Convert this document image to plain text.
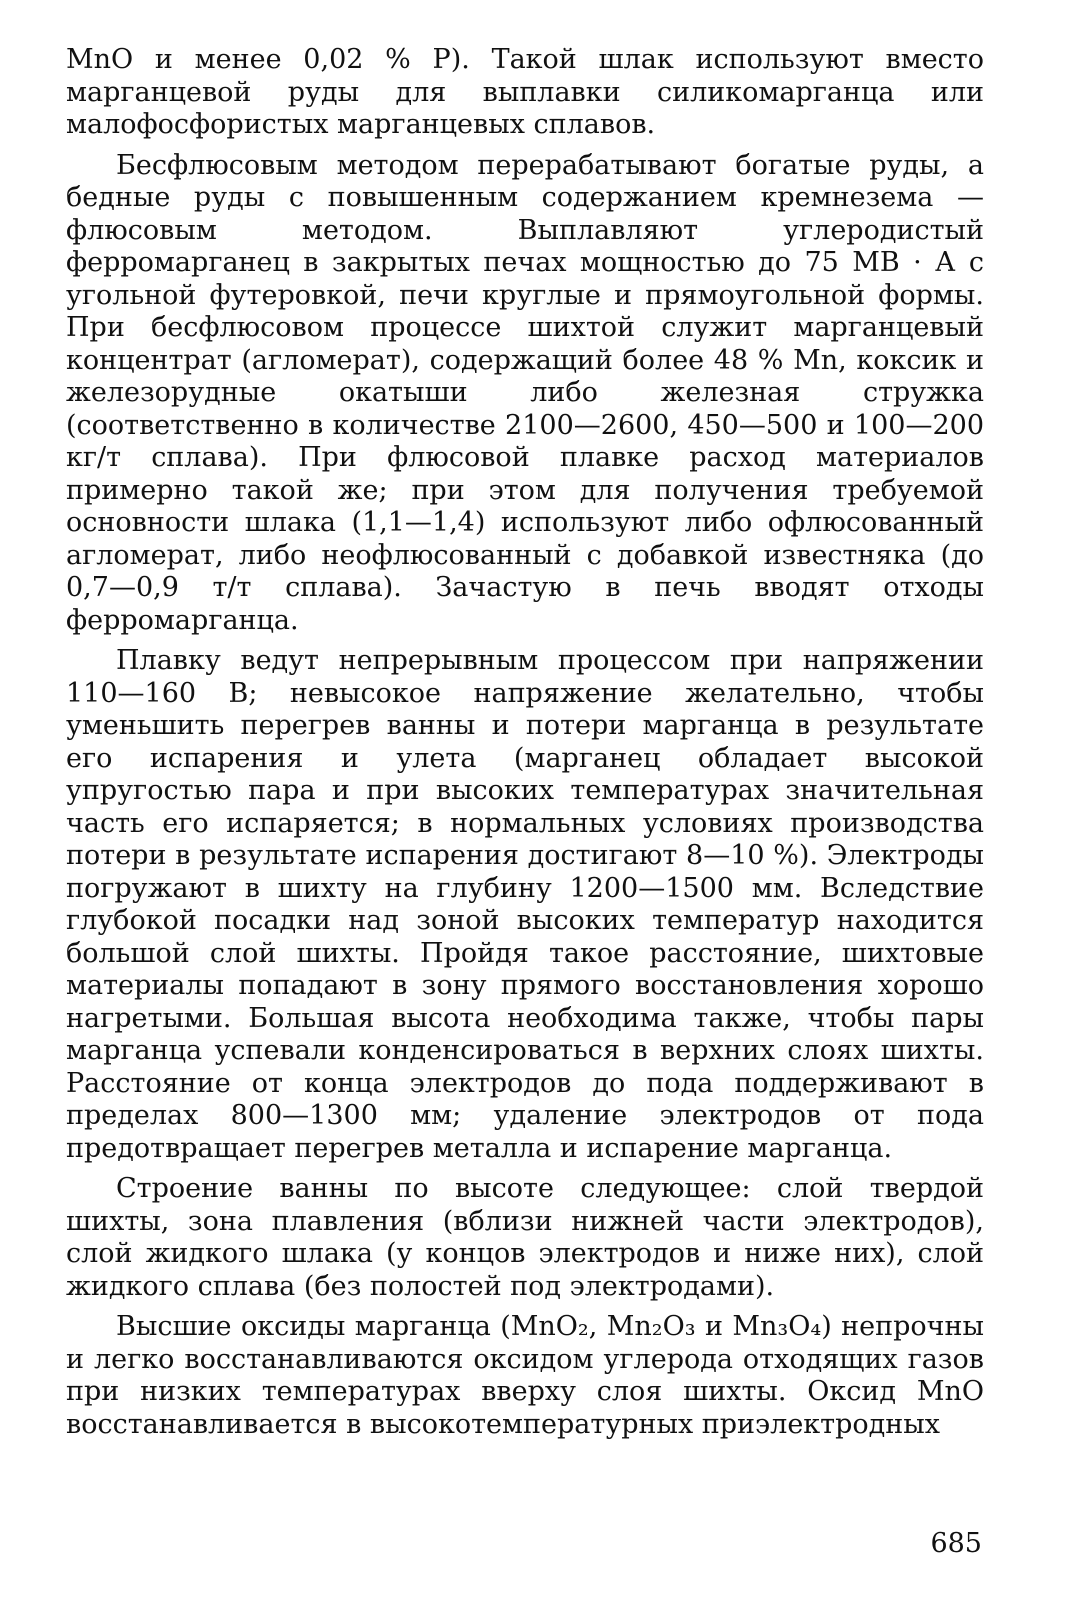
MnO и менее 0,02 % P). Такой шлак используют вместо марганцевой руды для выплавки силикомарганца или малофосфористых марганцевых сплавов.

Бесфлюсовым методом перерабатывают богатые руды, а бедные руды с повышенным содержанием кремнезема — флюсовым методом. Выплавляют углеродистый ферромарганец в закрытых печах мощностью до 75 МВ · А с угольной футеровкой, печи круглые и прямоугольной формы. При бесфлюсовом процессе шихтой служит марганцевый концентрат (агломерат), содержащий более 48 % Mn, коксик и железорудные окатыши либо железная стружка (соответственно в количестве 2100—2600, 450—500 и 100—200 кг/т сплава). При флюсовой плавке расход материалов примерно такой же; при этом для получения требуемой основности шлака (1,1—1,4) используют либо офлюсованный агломерат, либо неофлюсованный с добавкой известняка (до 0,7—0,9 т/т сплава). Зачастую в печь вводят отходы ферромарганца.

Плавку ведут непрерывным процессом при напряжении 110—160 В; невысокое напряжение желательно, чтобы уменьшить перегрев ванны и потери марганца в результате его испарения и улета (марганец обладает высокой упругостью пара и при высоких температурах значительная часть его испаряется; в нормальных условиях производства потери в результате испарения достигают 8—10 %). Электроды погружают в шихту на глубину 1200—1500 мм. Вследствие глубокой посадки над зоной высоких температур находится большой слой шихты. Пройдя такое расстояние, шихтовые материалы попадают в зону прямого восстановления хорошо нагретыми. Большая высота необходима также, чтобы пары марганца успевали конденсироваться в верхних слоях шихты. Расстояние от конца электродов до пода поддерживают в пределах 800—1300 мм; удаление электродов от пода предотвращает перегрев металла и испарение марганца.

Строение ванны по высоте следующее: слой твердой шихты, зона плавления (вблизи нижней части электродов), слой жидкого шлака (у концов электродов и ниже них), слой жидкого сплава (без полостей под электродами).

Высшие оксиды марганца (MnO₂, Mn₂O₃ и Mn₃O₄) непрочны и легко восстанавливаются оксидом углерода отходящих газов при низких температурах вверху слоя шихты. Оксид MnO восстанавливается в высокотемпературных приэлектродных

685
